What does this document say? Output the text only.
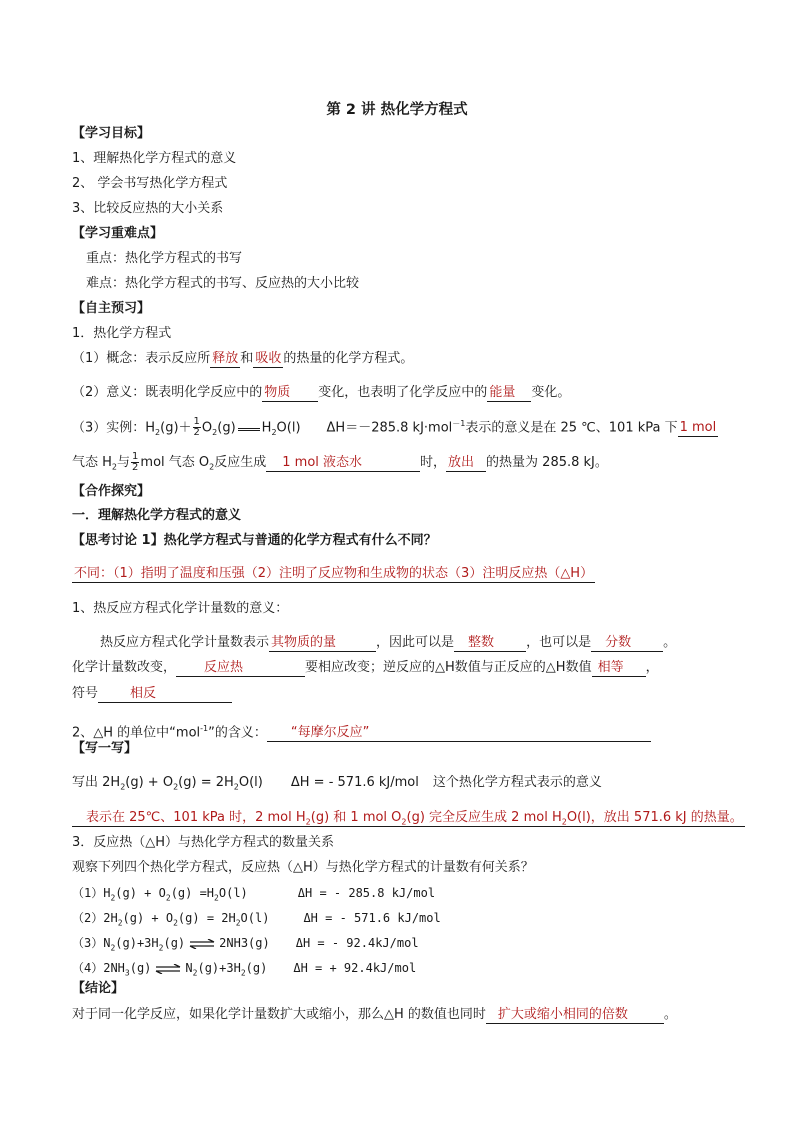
第 2 讲 热化学方程式
【学习目标】
1、理解热化学方程式的意义
2、 学会书写热化学方程式
3、比较反应热的大小关系
【学习重难点】
重点：热化学方程式的书写
难点：热化学方程式的书写、反应热的大小比较
【自主预习】
1．热化学方程式
（1）概念：表示反应所 释放 和 吸收 的热量的化学方程式。
（2）意义：既表明化学反应中的 物质 变化，也表明了化学反应中的 能量 变化。
（3）实例：$H_2(g)+ \frac{1}{2} O_2(g)$ $H_2O(l)$ ΔH＝－285.8 kJ·mol$^{-1}$表示的意义是在 25 ℃、101 kPa 下 1 mol
气态 $H_2$与 $\frac{1}{2}$ mol 气态 $O_2$反应生成 1 mol 液态水	时， 放出 的热量为 285.8 kJ。
【合作探究】
一．理解热化学方程式的意义
【思考讨论 1】热化学方程式与普通的化学方程式有什么不同？
不同：（1）指明了温度和压强（2）注明了反应物和生成物的状态（3）注明反应热（△H）
1、热反应方程式化学计量数的意义：
热反应方程式化学计量数表示 其物质的量	，因此可以是 整数 ，也可以是 分数 。
化学计量数改变， 反应热	要相应改变；逆反应的△H数值与正反应的△H数值 相等 ，
符号 相反
2、△H 的单位中“mol$^{-1}$”的含义： “每摩尔反应”
【写一写】
写出 $2H_2(g) + O_2(g) = 2H_2O(l) \Delta H$ = - 571.6 kJ/mol 这个热化学方程式表示的意义
表示在 25℃、101 kPa 时，2 mol $H_2(g)$ 和 1 mol $O_2(g)$ 完全反应生成 2 mol $H_2O(l)$，放出 571.6 kJ 的热量。
3．反应热（△H）与热化学方程式的数量关系
观察下列四个热化学方程式，反应热（△H）与热化学方程式的计量数有何关系？
$(1)H_2(g) + O_2(g) =H_2O(l)$	ΔH = - 285.8 kJ/mol
$(2)2H_2(g) + O_2(g) = 2H_2O(l)$	ΔH = - 571.6 kJ/mol
$(3)N_2(g)+3H_2(g)$ ⇌ 2NH3(g) ΔH = - 92.4kJ/mol
$(4)2NH_3(g)$ ⇌ $N_2(g)+3H_2(g) \Delta H$ = + 92.4kJ/mol
【结论】
对于同一化学反应，如果化学计量数扩大或缩小，那么△H 的数值也同时 扩大或缩小相同的倍数	。
